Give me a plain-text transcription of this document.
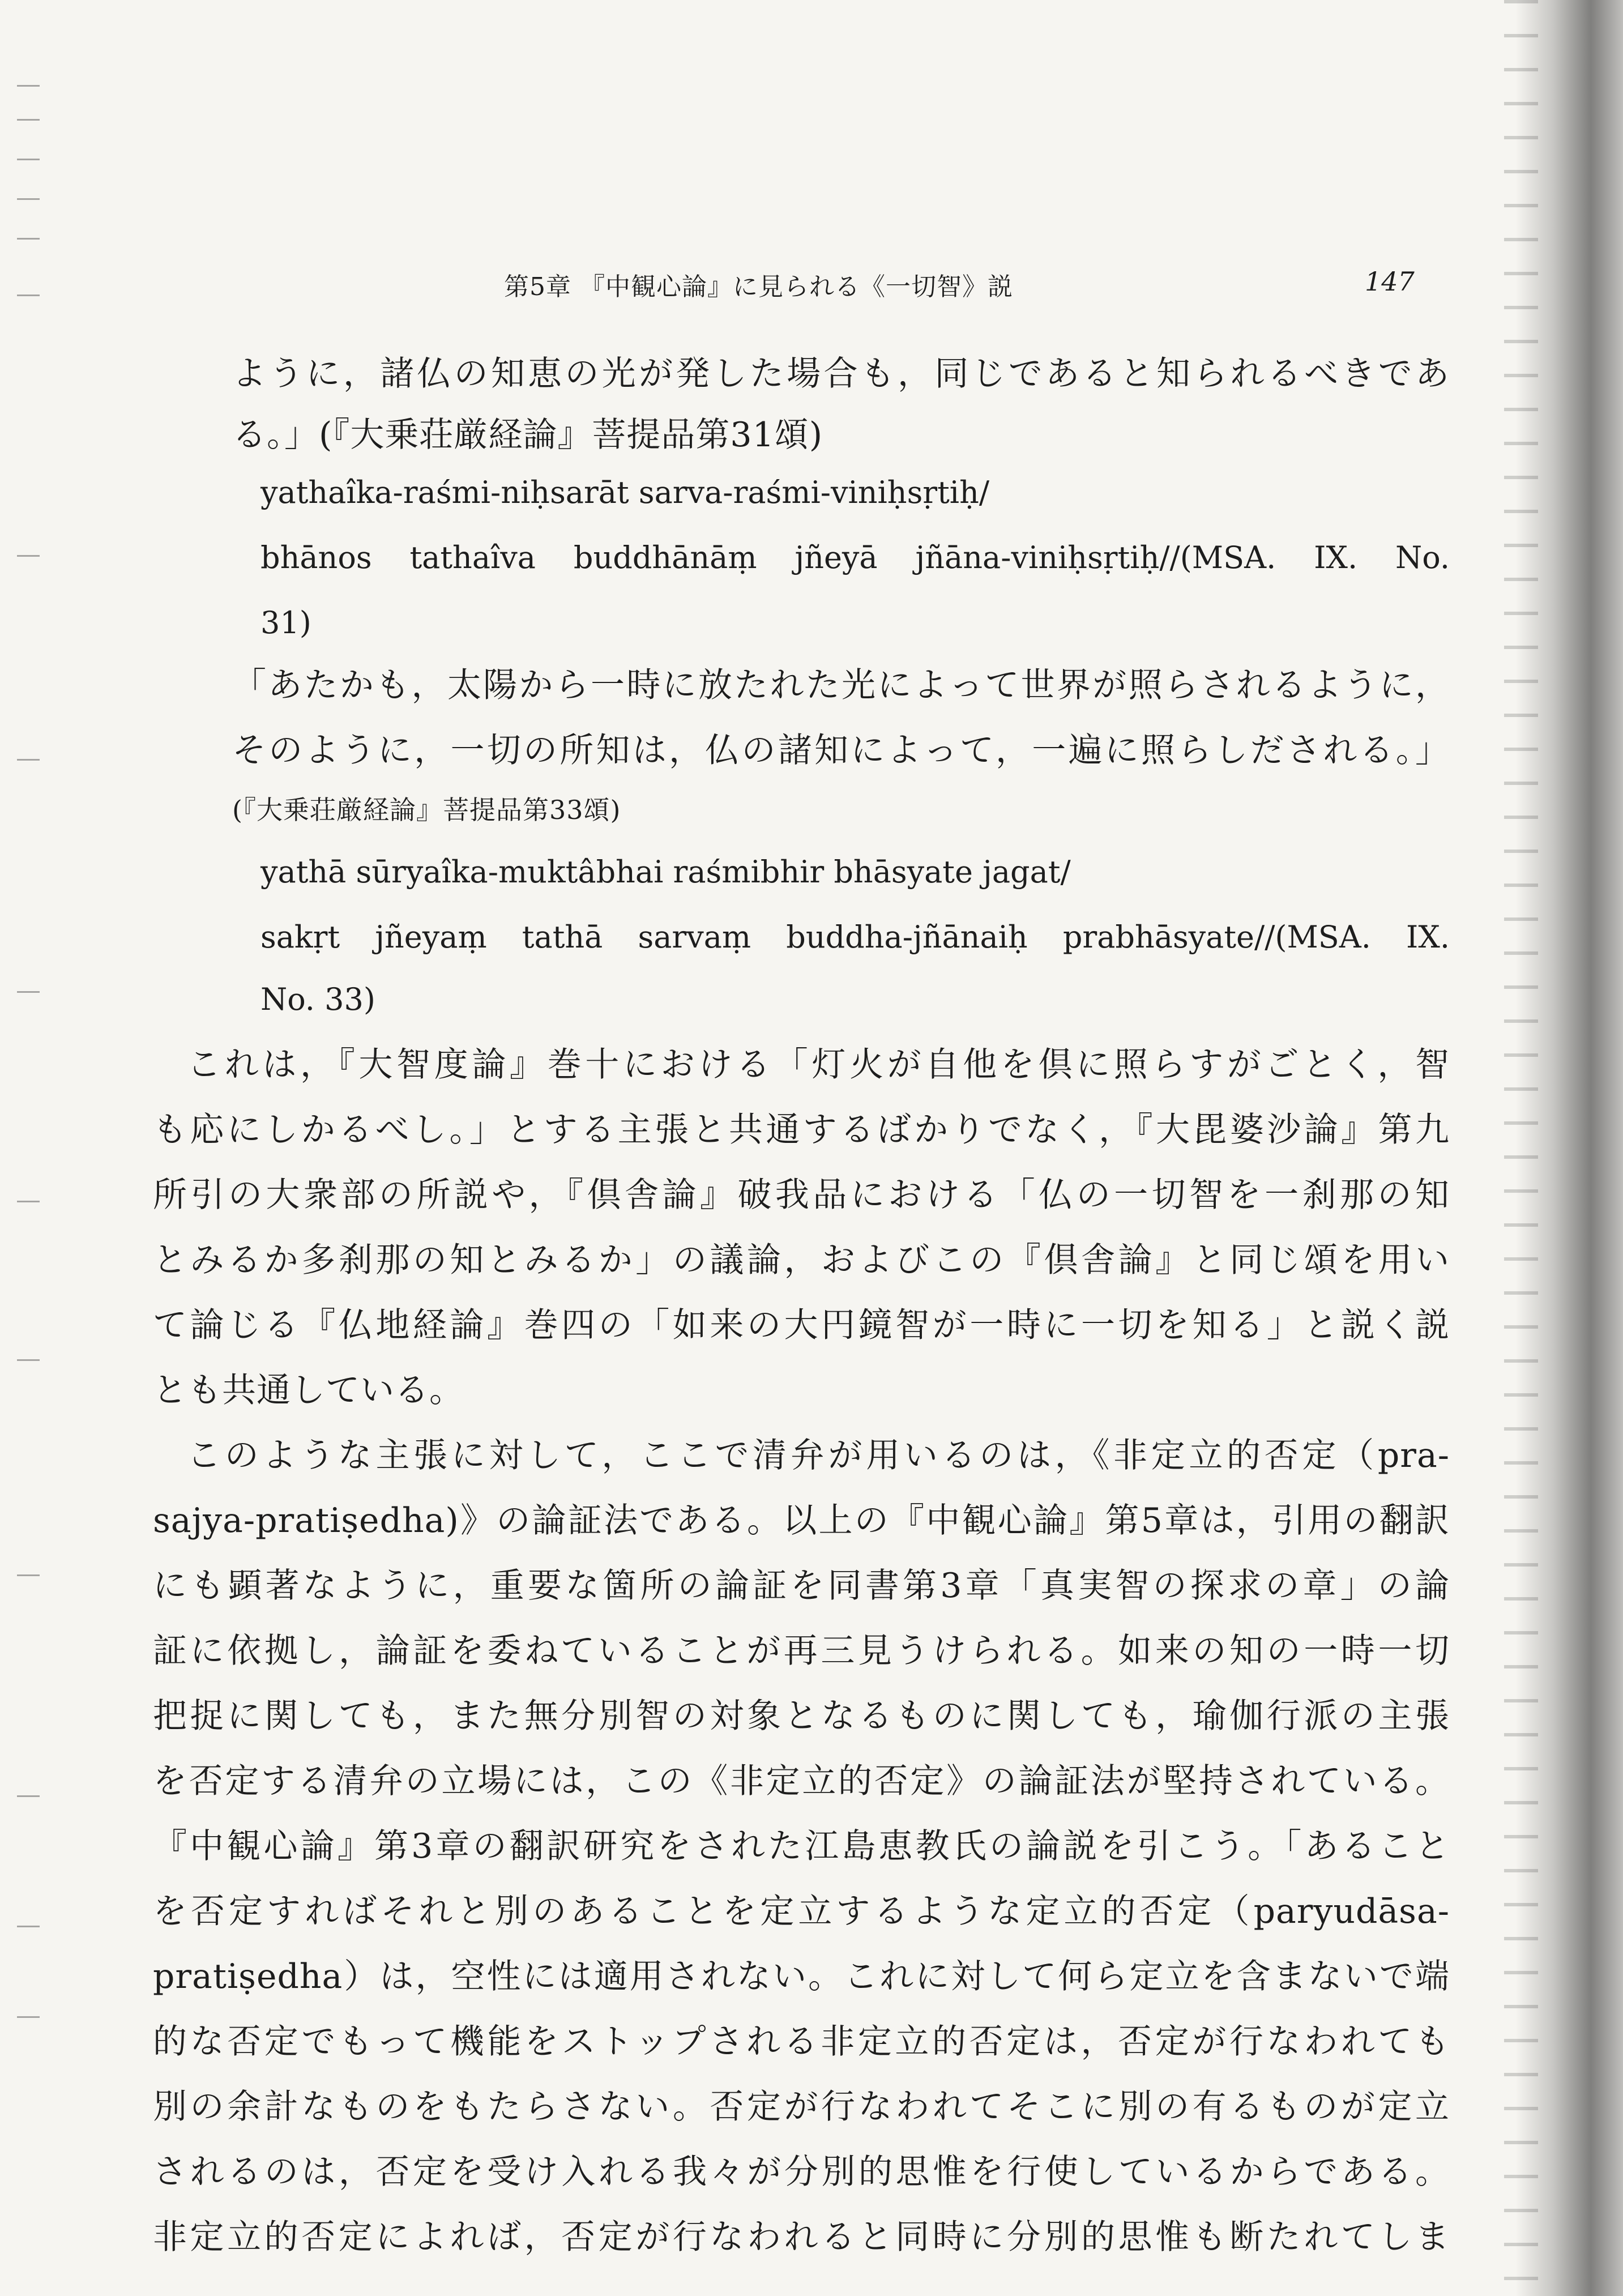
第5章 『中観心論』に見られる《一切智》説	147
ように，諸仏の知恵の光が発した場合も，同じであると知られるべきであ
る。」(『大乗荘厳経論』菩提品第31頌)
yathaîka-raśmi-niḥsarāt sarva-raśmi-viniḥsṛtiḥ/
bhānos tathaîva buddhānāṃ jñeyā jñāna-viniḥsṛtiḥ//(MSA. IX. No.
31)
「あたかも，太陽から一時に放たれた光によって世界が照らされるように，
そのように，一切の所知は，仏の諸知によって，一遍に照らしだされる。」
(『大乗荘厳経論』菩提品第33頌)
yathā sūryaîka-muktâbhai raśmibhir bhāsyate jagat/
sakṛt jñeyaṃ tathā sarvaṃ buddha-jñānaiḥ prabhāsyate//(MSA. IX.
No. 33)
これは，『大智度論』巻十における「灯火が自他を倶に照らすがごとく，智
も応にしかるべし。」とする主張と共通するばかりでなく，『大毘婆沙論』第九
所引の大衆部の所説や，『倶舎論』破我品における「仏の一切智を一刹那の知
とみるか多刹那の知とみるか」の議論，およびこの『倶舎論』と同じ頌を用い
て論じる『仏地経論』巻四の「如来の大円鏡智が一時に一切を知る」と説く説
とも共通している。
このような主張に対して，ここで清弁が用いるのは，《非定立的否定（pra-
sajya-pratiṣedha)》の論証法である。以上の『中観心論』第5章は，引用の翻訳
にも顕著なように，重要な箇所の論証を同書第3章「真実智の探求の章」の論
証に依拠し，論証を委ねていることが再三見うけられる。如来の知の一時一切
把捉に関しても，また無分別智の対象となるものに関しても，瑜伽行派の主張
を否定する清弁の立場には，この《非定立的否定》の論証法が堅持されている。
『中観心論』第3章の翻訳研究をされた江島恵教氏の論説を引こう。「あること
を否定すればそれと別のあることを定立するような定立的否定（paryudāsa-
pratiṣedha）は，空性には適用されない。これに対して何ら定立を含まないで端
的な否定でもって機能をストップされる非定立的否定は，否定が行なわれても
別の余計なものをもたらさない。否定が行なわれてそこに別の有るものが定立
されるのは，否定を受け入れる我々が分別的思惟を行使しているからである。
非定立的否定によれば，否定が行なわれると同時に分別的思惟も断たれてしま
